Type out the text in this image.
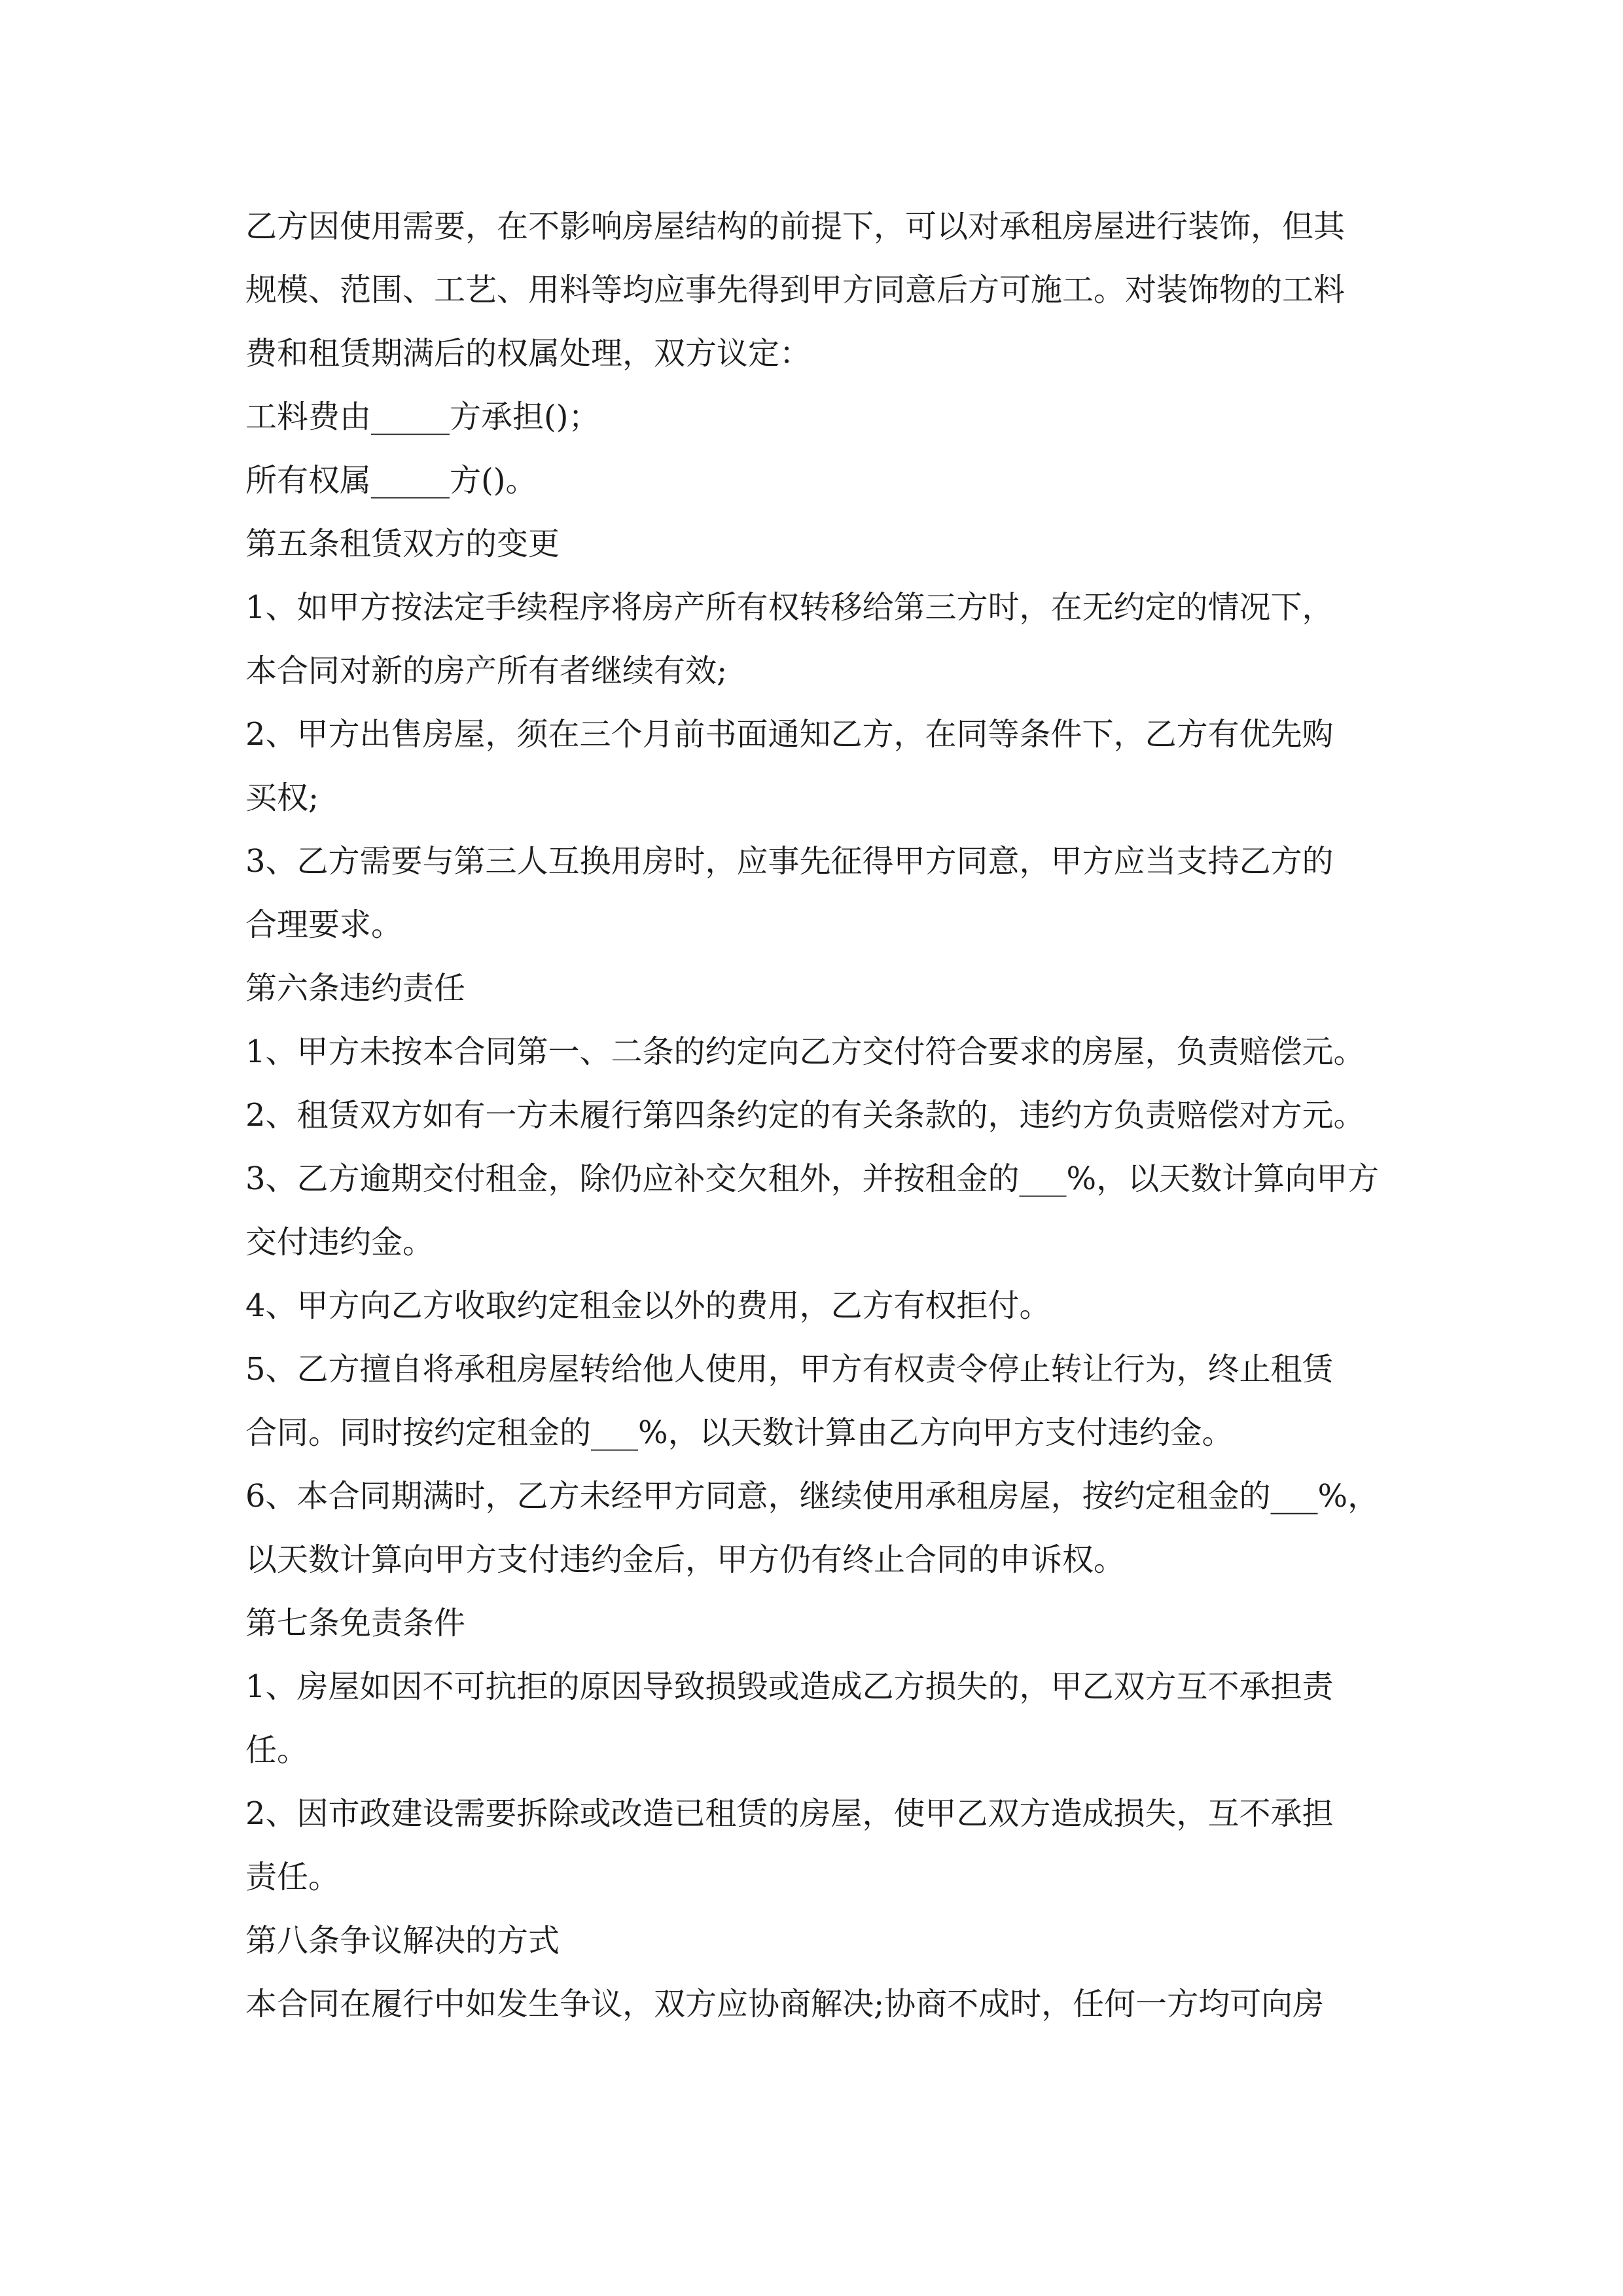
乙方因使用需要，在不影响房屋结构的前提下，可以对承租房屋进行装饰，但其
规模、范围、工艺、用料等均应事先得到甲方同意后方可施工。对装饰物的工料
费和租赁期满后的权属处理，双方议定：
工料费由_____方承担()；
所有权属_____方()。
第五条租赁双方的变更
1、如甲方按法定手续程序将房产所有权转移给第三方时，在无约定的情况下，
本合同对新的房产所有者继续有效;
2、甲方出售房屋，须在三个月前书面通知乙方，在同等条件下，乙方有优先购
买权;
3、乙方需要与第三人互换用房时，应事先征得甲方同意，甲方应当支持乙方的
合理要求。
第六条违约责任
1、甲方未按本合同第一、二条的约定向乙方交付符合要求的房屋，负责赔偿元。
2、租赁双方如有一方未履行第四条约定的有关条款的，违约方负责赔偿对方元。
3、乙方逾期交付租金，除仍应补交欠租外，并按租金的___%，以天数计算向甲方
交付违约金。
4、甲方向乙方收取约定租金以外的费用，乙方有权拒付。
5、乙方擅自将承租房屋转给他人使用，甲方有权责令停止转让行为，终止租赁
合同。同时按约定租金的___%，以天数计算由乙方向甲方支付违约金。
6、本合同期满时，乙方未经甲方同意，继续使用承租房屋，按约定租金的___%，
以天数计算向甲方支付违约金后，甲方仍有终止合同的申诉权。
第七条免责条件
1、房屋如因不可抗拒的原因导致损毁或造成乙方损失的，甲乙双方互不承担责
任。
2、因市政建设需要拆除或改造已租赁的房屋，使甲乙双方造成损失，互不承担
责任。
第八条争议解决的方式
本合同在履行中如发生争议，双方应协商解决;协商不成时，任何一方均可向房
